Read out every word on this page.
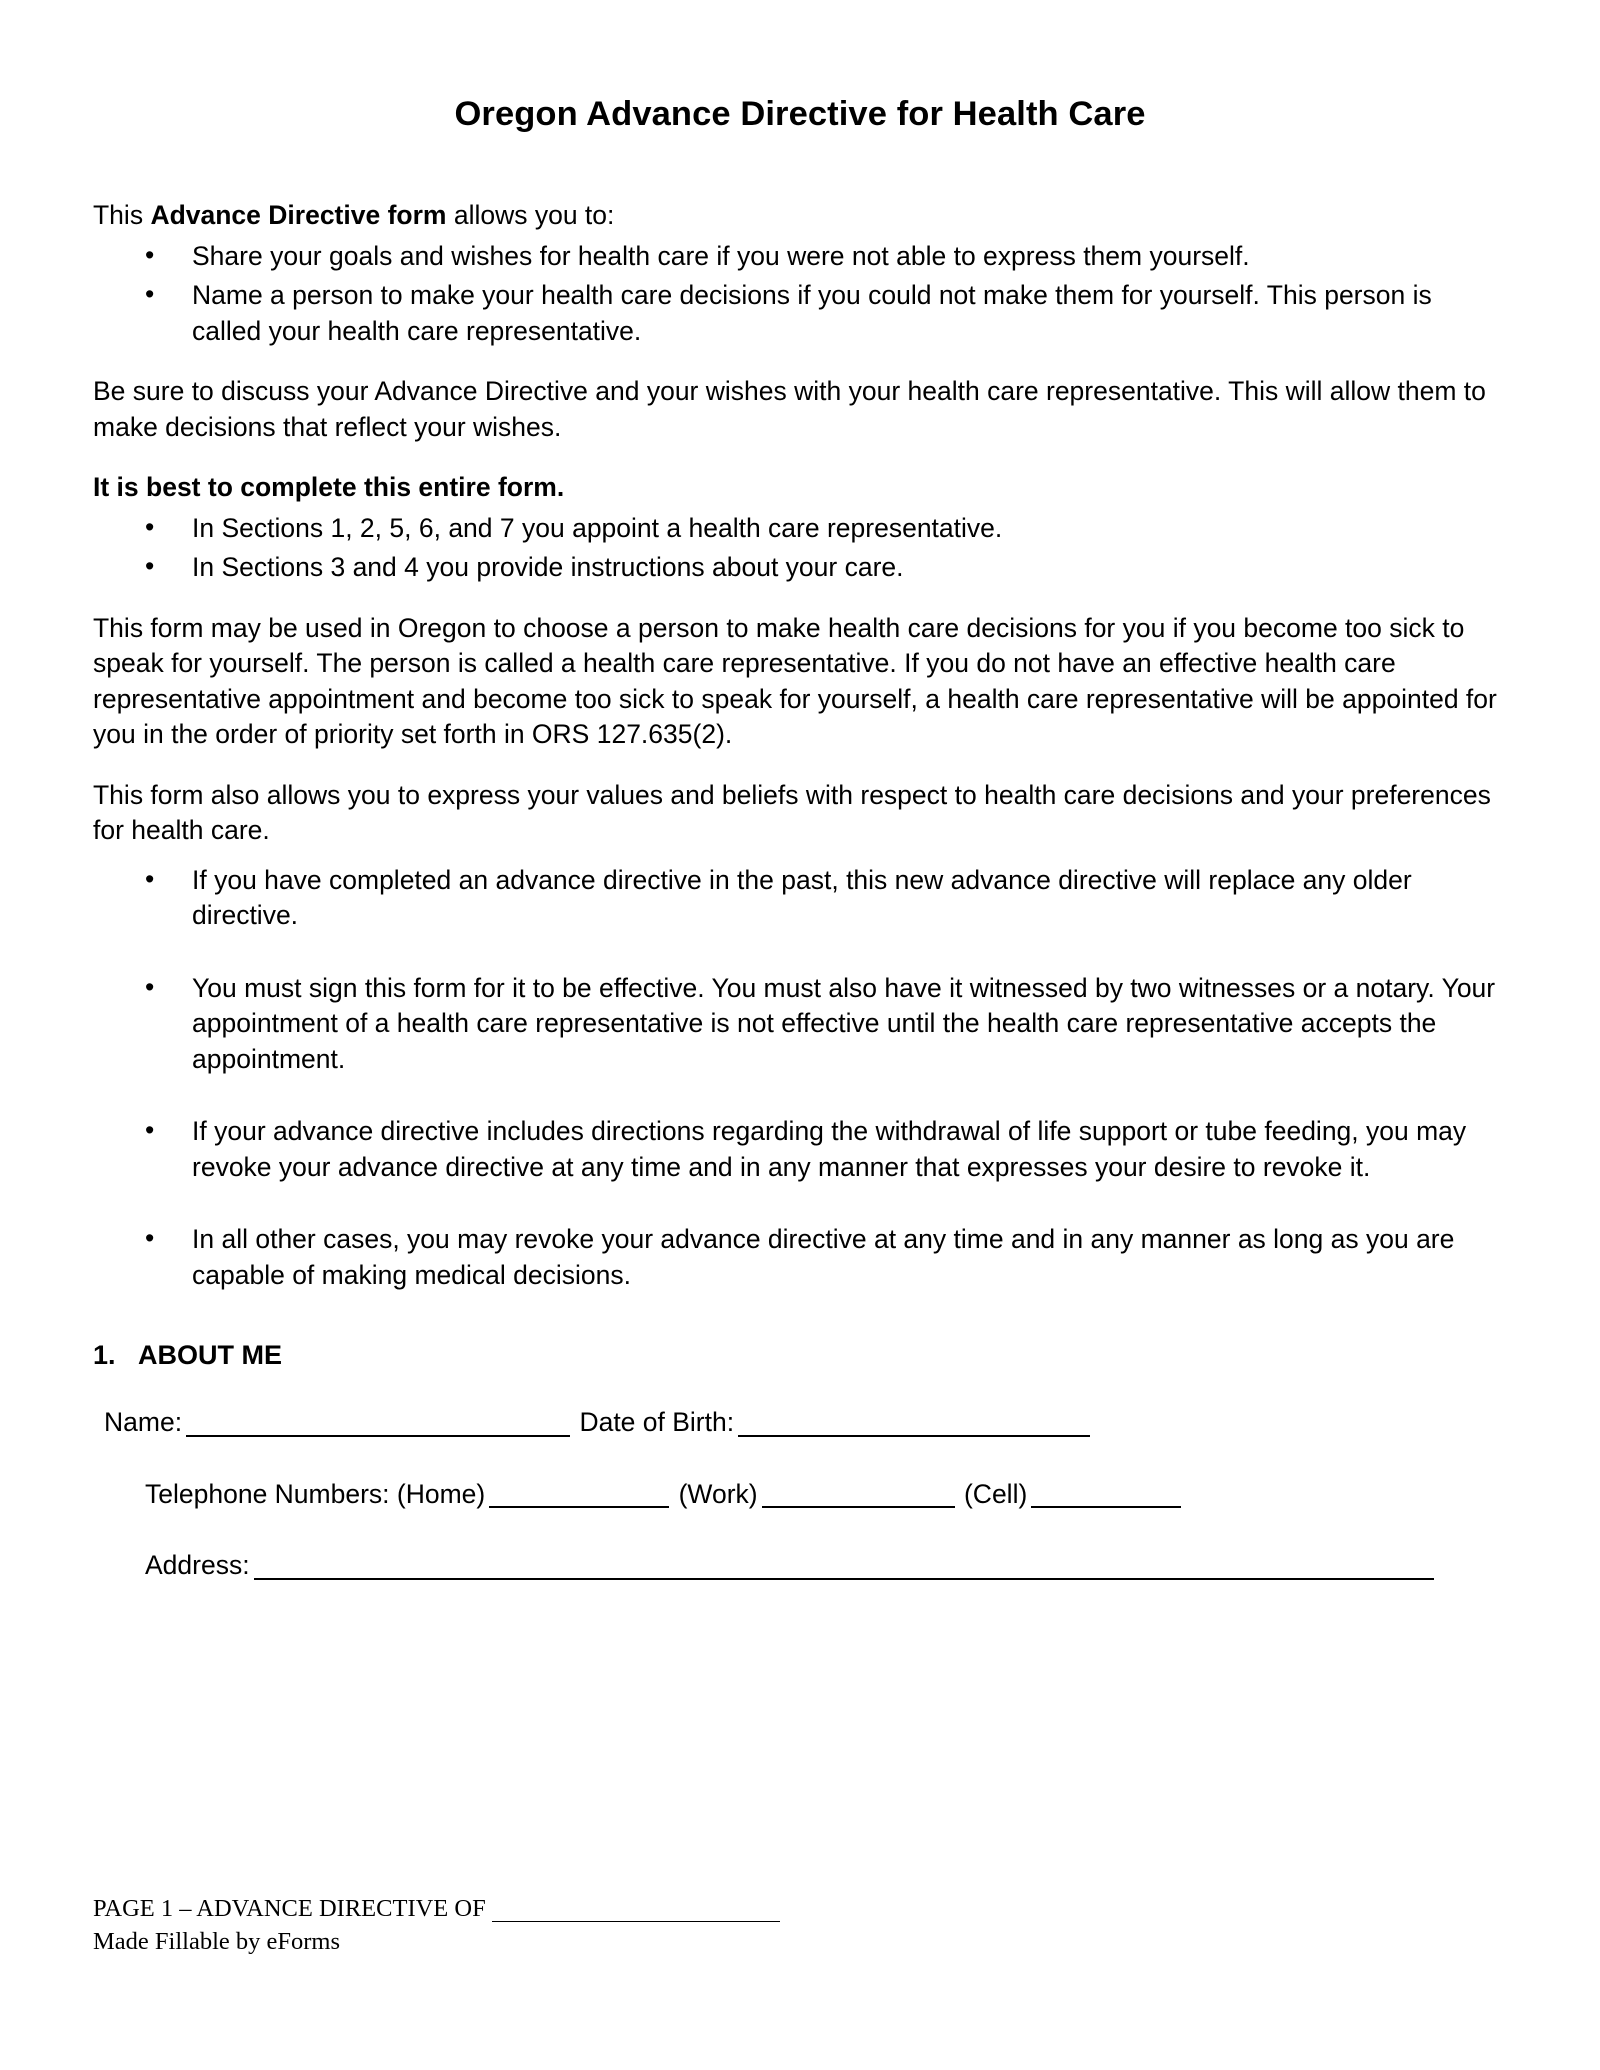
Oregon Advance Directive for Health Care

This Advance Directive form allows you to:

• Share your goals and wishes for health care if you were not able to express them yourself.
• Name a person to make your health care decisions if you could not make them for yourself. This person is called your health care representative.

Be sure to discuss your Advance Directive and your wishes with your health care representative. This will allow them to make decisions that reflect your wishes.

It is best to complete this entire form.

• In Sections 1, 2, 5, 6, and 7 you appoint a health care representative.
• In Sections 3 and 4 you provide instructions about your care.

This form may be used in Oregon to choose a person to make health care decisions for you if you become too sick to speak for yourself. The person is called a health care representative. If you do not have an effective health care representative appointment and become too sick to speak for yourself, a health care representative will be appointed for you in the order of priority set forth in ORS 127.635(2).

This form also allows you to express your values and beliefs with respect to health care decisions and your preferences for health care.

• If you have completed an advance directive in the past, this new advance directive will replace any older directive.
• You must sign this form for it to be effective. You must also have it witnessed by two witnesses or a notary. Your appointment of a health care representative is not effective until the health care representative accepts the appointment.
• If your advance directive includes directions regarding the withdrawal of life support or tube feeding, you may revoke your advance directive at any time and in any manner that expresses your desire to revoke it.
• In all other cases, you may revoke your advance directive at any time and in any manner as long as you are capable of making medical decisions.
1. ABOUT ME
Name:	Date of Birth:
Telephone Numbers: (Home)	(Work)	(Cell)
Address:
PAGE 1 – ADVANCE DIRECTIVE OF
Made Fillable by eForms
